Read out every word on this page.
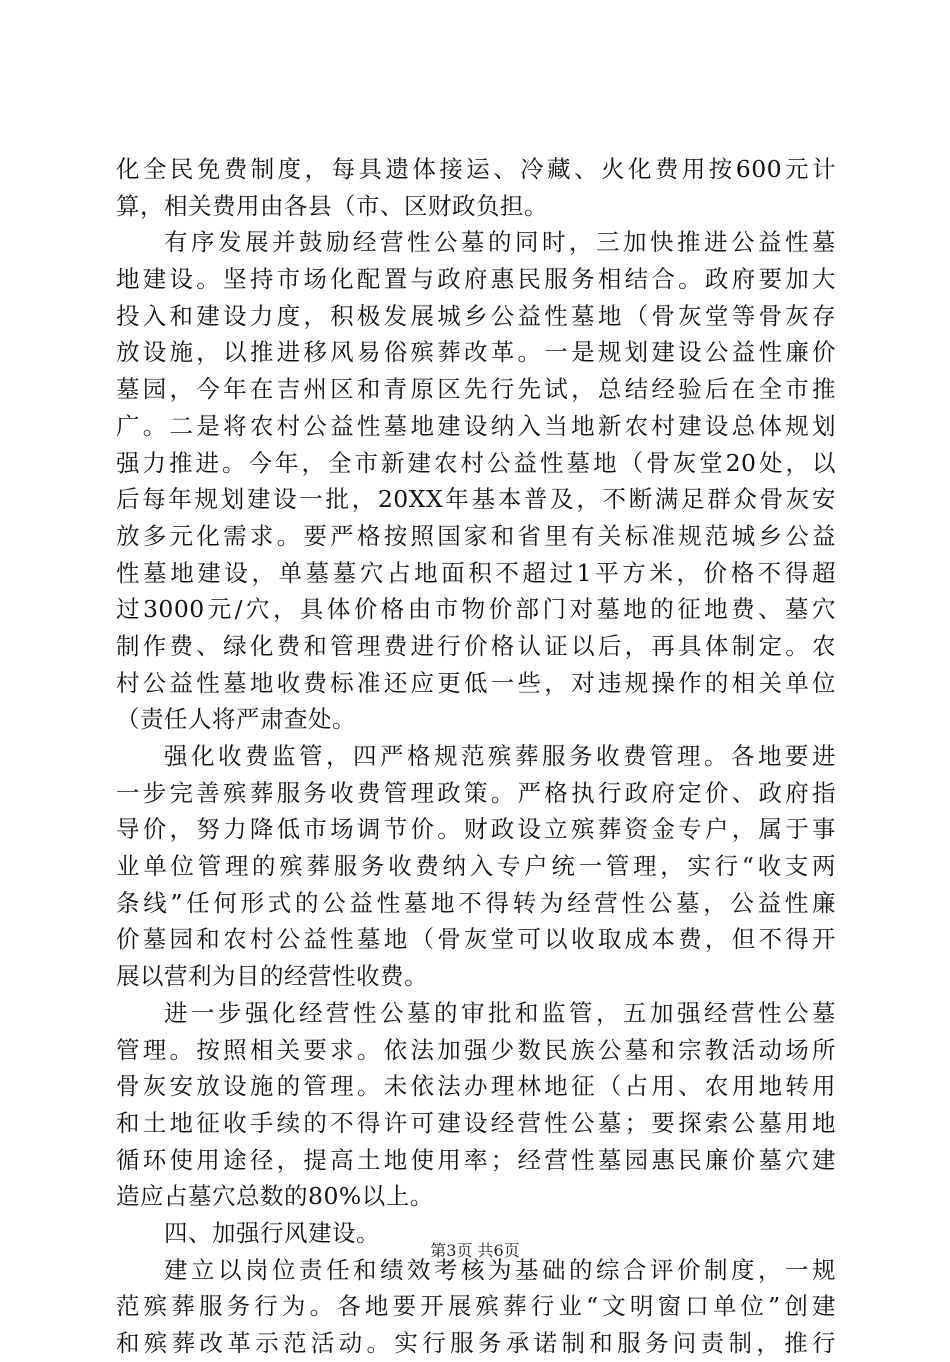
化全民免费制度，每具遗体接运、冷藏、火化费用按600元计
算，相关费用由各县（市、区财政负担。
有序发展并鼓励经营性公墓的同时，三加快推进公益性墓
地建设。坚持市场化配置与政府惠民服务相结合。政府要加大
投入和建设力度，积极发展城乡公益性墓地（骨灰堂等骨灰存
放设施，以推进移风易俗殡葬改革。一是规划建设公益性廉价
墓园，今年在吉州区和青原区先行先试，总结经验后在全市推
广。二是将农村公益性墓地建设纳入当地新农村建设总体规划
强力推进。今年，全市新建农村公益性墓地（骨灰堂20处，以
后每年规划建设一批，20XX年基本普及，不断满足群众骨灰安
放多元化需求。要严格按照国家和省里有关标准规范城乡公益
性墓地建设，单墓墓穴占地面积不超过1平方米，价格不得超
过3000元/穴，具体价格由市物价部门对墓地的征地费、墓穴
制作费、绿化费和管理费进行价格认证以后，再具体制定。农
村公益性墓地收费标准还应更低一些，对违规操作的相关单位
（责任人将严肃查处。
强化收费监管，四严格规范殡葬服务收费管理。各地要进
一步完善殡葬服务收费管理政策。严格执行政府定价、政府指
导价，努力降低市场调节价。财政设立殡葬资金专户，属于事
业单位管理的殡葬服务收费纳入专户统一管理，实行“收支两
条线”任何形式的公益性墓地不得转为经营性公墓，公益性廉
价墓园和农村公益性墓地（骨灰堂可以收取成本费，但不得开
展以营利为目的经营性收费。
进一步强化经营性公墓的审批和监管，五加强经营性公墓
管理。按照相关要求。依法加强少数民族公墓和宗教活动场所
骨灰安放设施的管理。未依法办理林地征（占用、农用地转用
和土地征收手续的不得许可建设经营性公墓；要探索公墓用地
循环使用途径，提高土地使用率；经营性墓园惠民廉价墓穴建
造应占墓穴总数的80%以上。
四、加强行风建设。
建立以岗位责任和绩效考核为基础的综合评价制度，一规
范殡葬服务行为。各地要开展殡葬行业“文明窗口单位”创建
和殡葬改革示范活动。实行服务承诺制和服务问责制，推行
第3页 共6页
